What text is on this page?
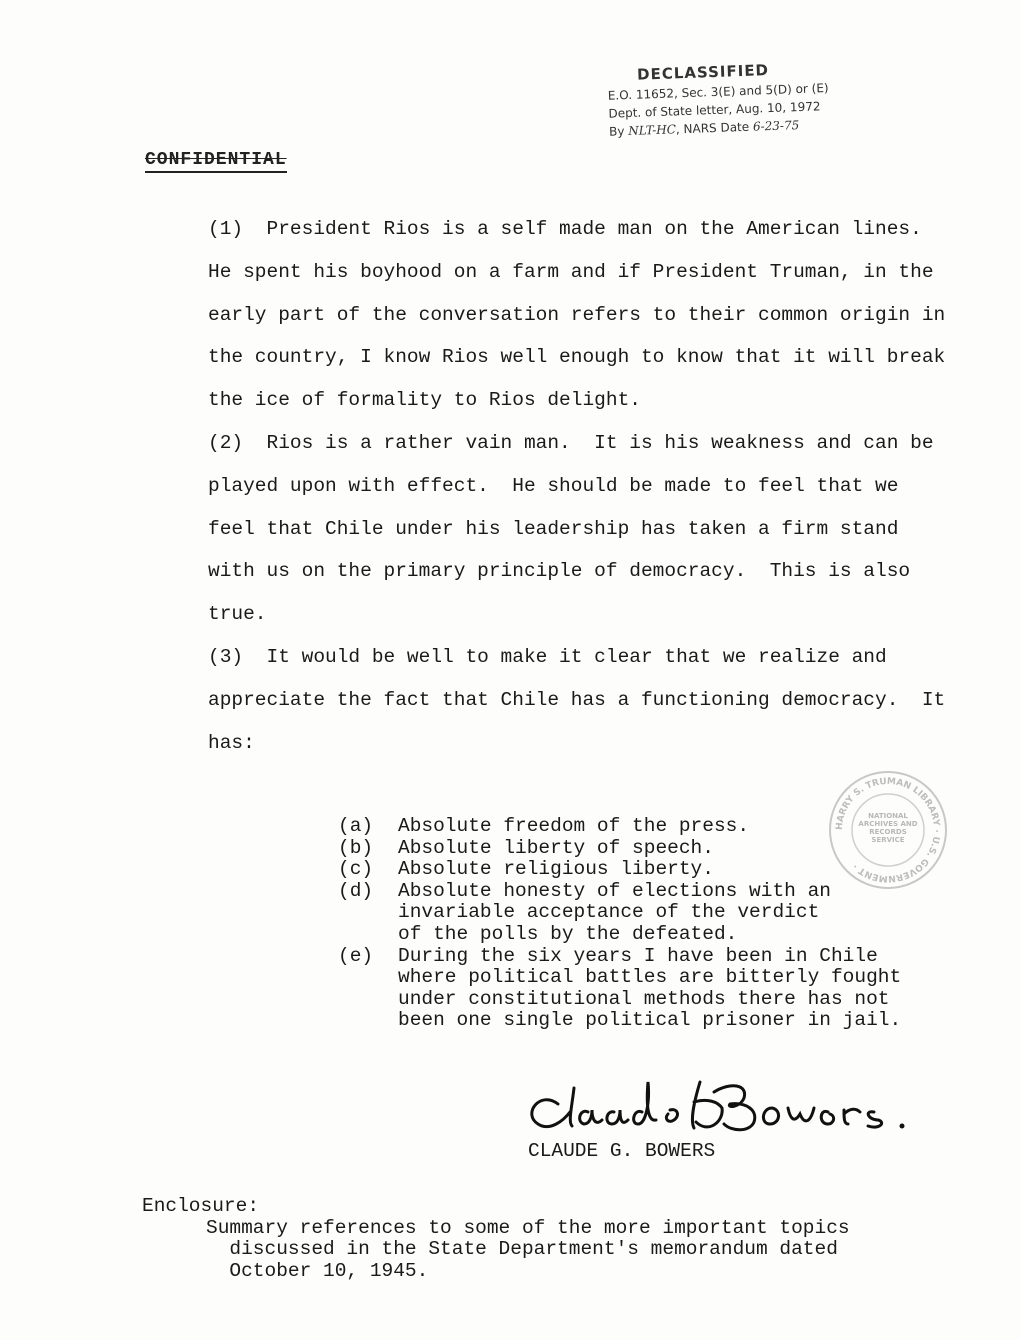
DECLASSIFIED
E.O. 11652, Sec. 3(E) and 5(D) or (E)
Dept. of State letter, Aug. 10, 1972
By NLT-HC, NARS Date 6-23-75
CONFIDENTIAL

(1)  President Rios is a self made man on the American lines.  He spent his boyhood on a farm and if President Truman, in the early part of the conversation refers to their common origin in the country, I know Rios well enough to know that it will break the ice of formality to Rios delight.

(2)  Rios is a rather vain man.  It is his weakness and can be played upon with effect.  He should be made to feel that we feel that Chile under his leadership has taken a firm stand with us on the primary principle of democracy.  This is also true.

(3)  It would be well to make it clear that we realize and appreciate the fact that Chile has a functioning democracy.  It has:

(a)	Absolute freedom of the press.
(b)	Absolute liberty of speech.
(c)	Absolute religious liberty.
(d)	Absolute honesty of elections with an
invariable acceptance of the verdict
of the polls by the defeated.
(e)	During the six years I have been in Chile
where political battles are bitterly fought
under constitutional methods there has not
been one single political prisoner in jail.
CLAUDE G. BOWERS
Enclosure:
Summary references to some of the more important topics
discussed in the State Department's memorandum dated
October 10, 1945.
HARRY S. TRUMAN LIBRARY · U.S. GOVERNMENT ·
NATIONAL ARCHIVES AND RECORDS SERVICE
